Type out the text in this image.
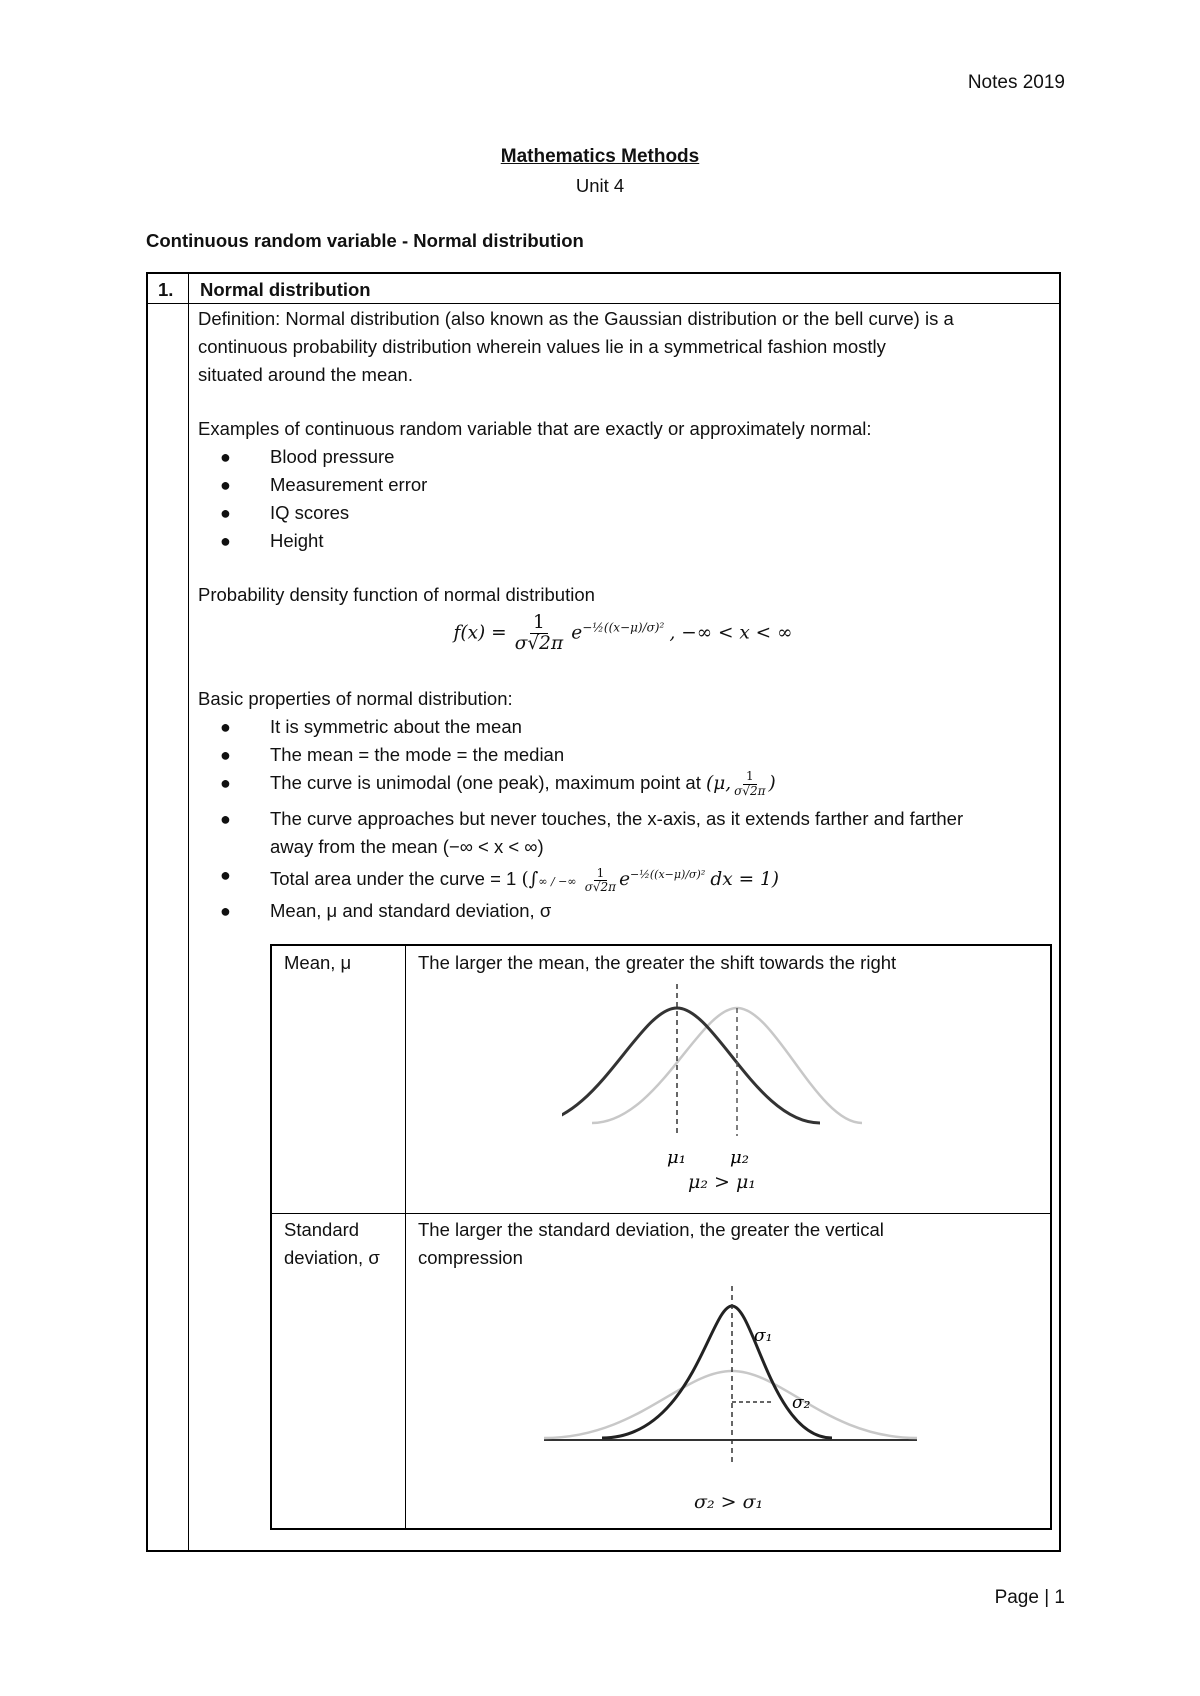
Notes 2019
Mathematics Methods
Unit 4
Continuous random variable - Normal distribution
1. Normal distribution

Definition: Normal distribution (also known as the Gaussian distribution or the bell curve) is a

continuous probability distribution wherein values lie in a symmetrical fashion mostly

situated around the mean.

Examples of continuous random variable that are exactly or approximately normal:

● Blood pressure
● Measurement error
● IQ scores
● Height

Probability density function of normal distribution

$f(x) = \frac{1}{\sigma√2\pi} e^{-\frac{1}{2}((x-\mu)/\sigma)^2}$ , −∞ < x < ∞

Basic properties of normal distribution:

● It is symmetric about the mean
● The mean = the mode = the median
● The curve is unimodal (one peak), maximum point at (μ, $\frac{1}{\sigma√2\pi}$ )
● The curve approaches but never touches, the x-axis, as it extends farther and farther
away from the mean (−∞ < x < ∞)
● Total area under the curve = 1 (∫∞ / −∞ $\frac{1}{\sigma√2\pi} e^{-\frac{1}{2}((x-\mu)/\sigma)^2}$ dx = 1)
● Mean, μ and standard deviation, σ
Mean, μ	The larger the mean, the greater the shift towards the right
μ₁ μ₂
μ₂ > μ₁
Standard
deviation, σ
The larger the standard deviation, the greater the vertical
compression
σ₁
σ₂
σ₂ > σ₁
Page | 1
